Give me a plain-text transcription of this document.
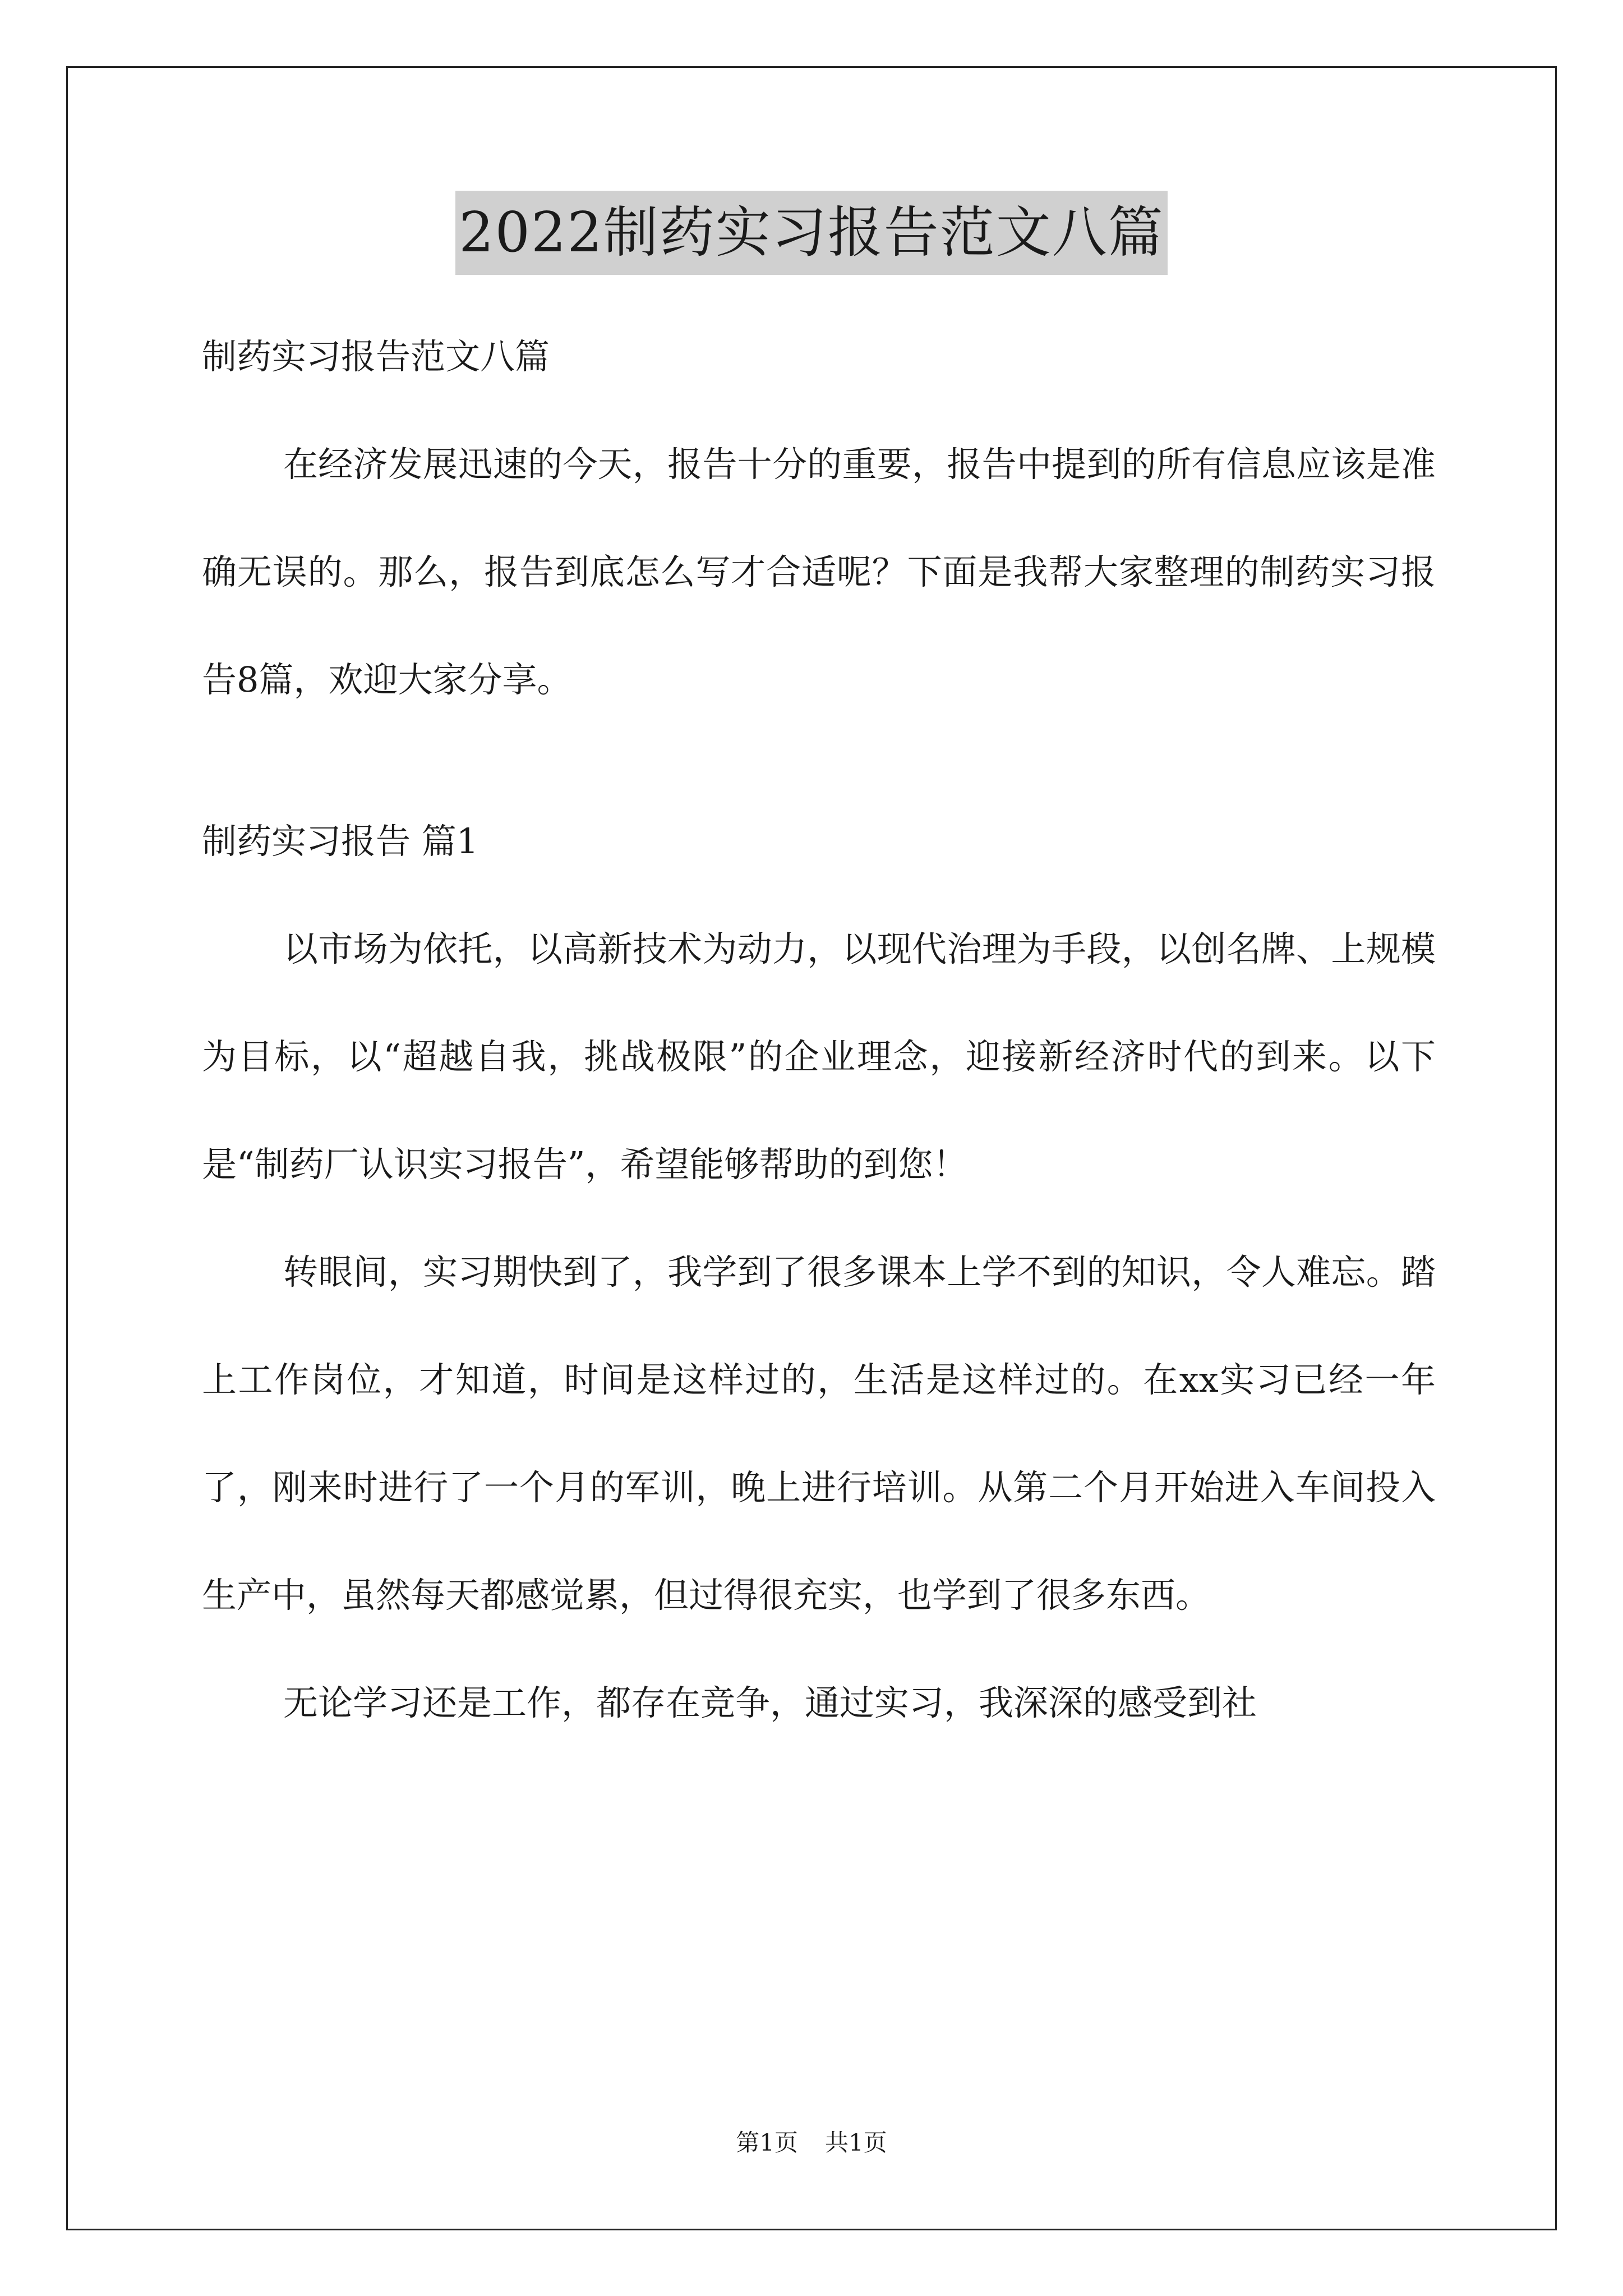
2022制药实习报告范文八篇

制药实习报告范文八篇

在经济发展迅速的今天，报告十分的重要，报告中提到的所有信息应该是准确无误的。那么，报告到底怎么写才合适呢？下面是我帮大家整理的制药实习报告8篇，欢迎大家分享。

制药实习报告 篇1

以市场为依托，以高新技术为动力，以现代治理为手段，以创名牌、上规模为目标，以“超越自我，挑战极限”的企业理念，迎接新经济时代的到来。以下是“制药厂认识实习报告”，希望能够帮助的到您！

转眼间，实习期快到了，我学到了很多课本上学不到的知识，令人难忘。踏上工作岗位，才知道，时间是这样过的，生活是这样过的。在xx实习已经一年了，刚来时进行了一个月的军训，晚上进行培训。从第二个月开始进入车间投入生产中，虽然每天都感觉累，但过得很充实，也学到了很多东西。

无论学习还是工作，都存在竞争，通过实习，我深深的感受到社

第1页 共1页
